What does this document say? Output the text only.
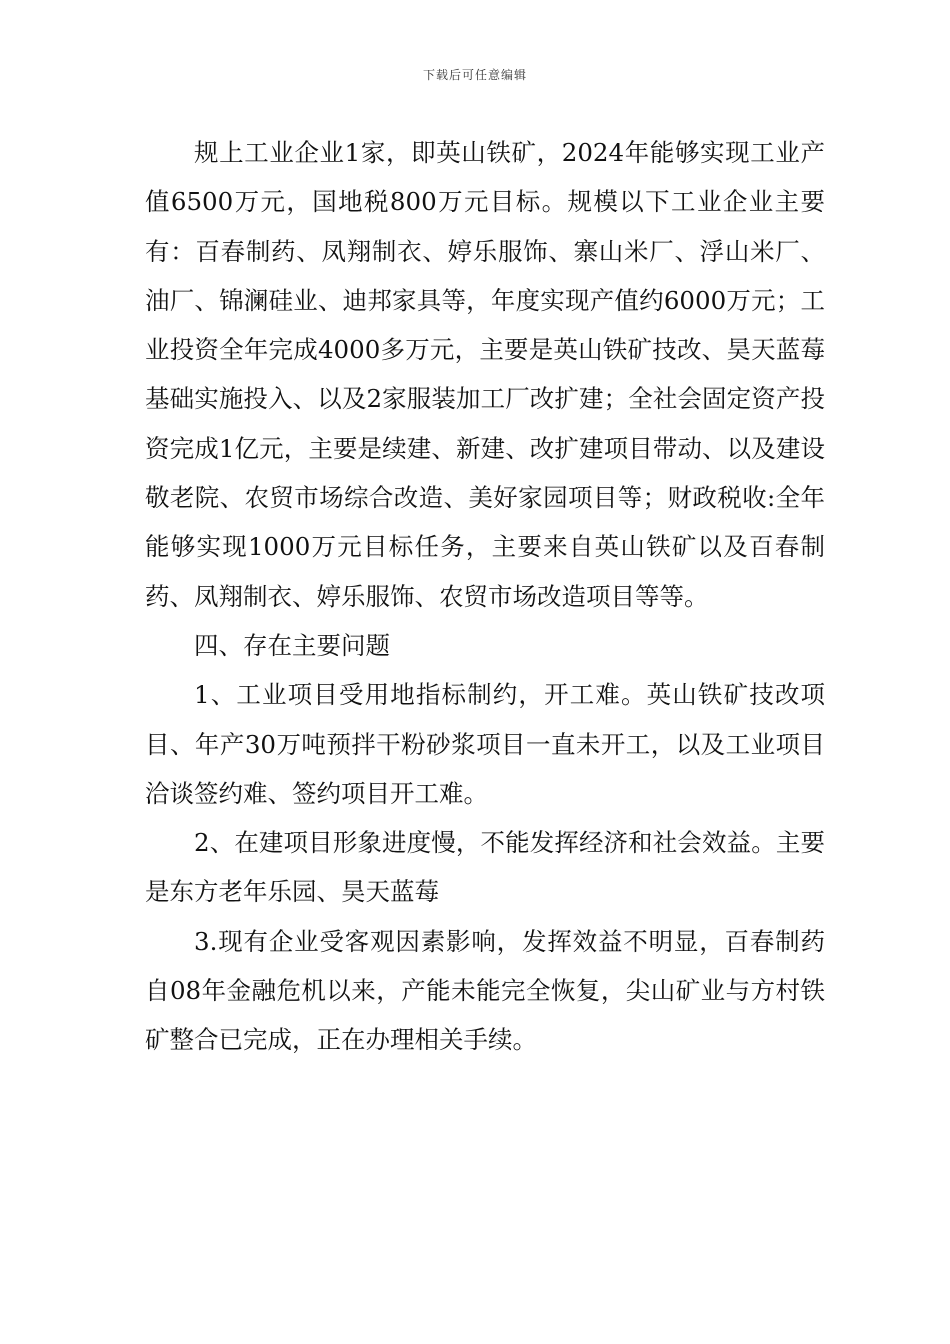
下载后可任意编辑

规上工业企业1家，即英山铁矿，2024年能够实现工业产值6500万元，国地税800万元目标。规模以下工业企业主要有：百春制药、凤翔制衣、婷乐服饰、寨山米厂、浮山米厂、油厂、锦澜硅业、迪邦家具等，年度实现产值约6000万元；工业投资全年完成4000多万元，主要是英山铁矿技改、昊天蓝莓基础实施投入、以及2家服装加工厂改扩建；全社会固定资产投资完成1亿元，主要是续建、新建、改扩建项目带动、以及建设敬老院、农贸市场综合改造、美好家园项目等；财政税收:全年能够实现1000万元目标任务，主要来自英山铁矿以及百春制药、凤翔制衣、婷乐服饰、农贸市场改造项目等等。

四、存在主要问题

1、工业项目受用地指标制约，开工难。英山铁矿技改项目、年产30万吨预拌干粉砂浆项目一直未开工，以及工业项目洽谈签约难、签约项目开工难。

2、在建项目形象进度慢，不能发挥经济和社会效益。主要是东方老年乐园、昊天蓝莓

3.现有企业受客观因素影响，发挥效益不明显，百春制药自08年金融危机以来，产能未能完全恢复，尖山矿业与方村铁矿整合已完成，正在办理相关手续。
